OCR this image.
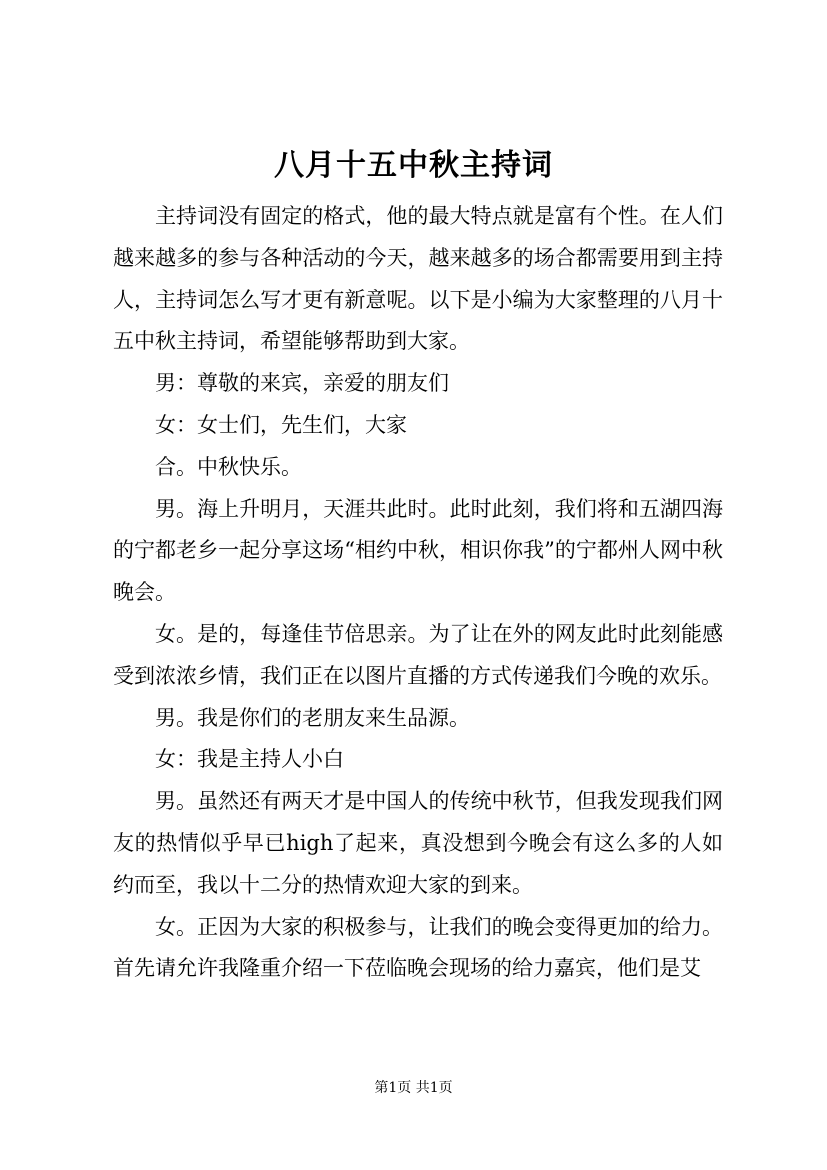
八月十五中秋主持词

主持词没有固定的格式，他的最大特点就是富有个性。在人们越来越多的参与各种活动的今天，越来越多的场合都需要用到主持人，主持词怎么写才更有新意呢。以下是小编为大家整理的八月十五中秋主持词，希望能够帮助到大家。

男：尊敬的来宾，亲爱的朋友们

女：女士们，先生们，大家

合。中秋快乐。

男。海上升明月，天涯共此时。此时此刻，我们将和五湖四海的宁都老乡一起分享这场“相约中秋，相识你我”的宁都州人网中秋晚会。

女。是的，每逢佳节倍思亲。为了让在外的网友此时此刻能感受到浓浓乡情，我们正在以图片直播的方式传递我们今晚的欢乐。

男。我是你们的老朋友来生品源。

女：我是主持人小白

男。虽然还有两天才是中国人的传统中秋节，但我发现我们网友的热情似乎早已high了起来，真没想到今晚会有这么多的人如约而至，我以十二分的热情欢迎大家的到来。

女。正因为大家的积极参与，让我们的晚会变得更加的给力。首先请允许我隆重介绍一下莅临晚会现场的给力嘉宾，他们是艾

第1页 共1页
